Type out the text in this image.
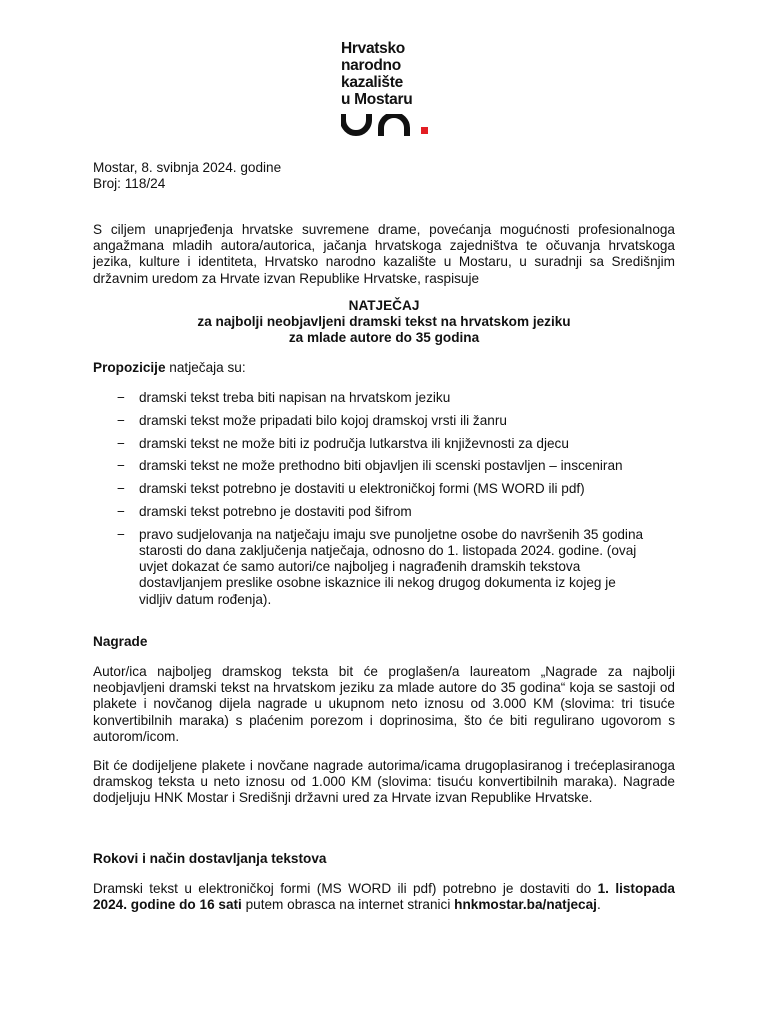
Hrvatsko
narodno
kazalište
u Mostaru

Mostar, 8. svibnja 2024. godine

Broj: 118/24

S ciljem unaprjeđenja hrvatske suvremene drame, povećanja mogućnosti profesionalnoga angažmana mladih autora/autorica, jačanja hrvatskoga zajedništva te očuvanja hrvatskoga jezika, kulture i identiteta, Hrvatsko narodno kazalište u Mostaru, u suradnji sa Središnjim državnim uredom za Hrvate izvan Republike Hrvatske, raspisuje

NATJEČAJ

za najbolji neobjavljeni dramski tekst na hrvatskom jeziku

za mlade autore do 35 godina

Propozicije natječaja su:
− dramski tekst treba biti napisan na hrvatskom jeziku
− dramski tekst može pripadati bilo kojoj dramskoj vrsti ili žanru
− dramski tekst ne može biti iz područja lutkarstva ili književnosti za djecu
− dramski tekst ne može prethodno biti objavljen ili scenski postavljen – insceniran
− dramski tekst potrebno je dostaviti u elektroničkoj formi (MS WORD ili pdf)
− dramski tekst potrebno je dostaviti pod šifrom
− pravo sudjelovanja na natječaju imaju sve punoljetne osobe do navršenih 35 godina starosti do dana zaključenja natječaja, odnosno do 1. listopada 2024. godine. (ovaj uvjet dokazat će samo autori/ce najboljeg i nagrađenih dramskih tekstova dostavljanjem preslike osobne iskaznice ili nekog drugog dokumenta iz kojeg je vidljiv datum rođenja).

Nagrade

Autor/ica najboljeg dramskog teksta bit će proglašen/a laureatom „Nagrade za najbolji neobjavljeni dramski tekst na hrvatskom jeziku za mlade autore do 35 godina“ koja se sastoji od plakete i novčanog dijela nagrade u ukupnom neto iznosu od 3.000 KM (slovima: tri tisuće konvertibilnih maraka) s plaćenim porezom i doprinosima, što će biti regulirano ugovorom s autorom/icom.
Bit će dodijeljene plakete i novčane nagrade autorima/icama drugoplasiranog i trećeplasiranoga dramskog teksta u neto iznosu od 1.000 KM (slovima: tisuću konvertibilnih maraka). Nagrade dodjeljuju HNK Mostar i Središnji državni ured za Hrvate izvan Republike Hrvatske.

Rokovi i način dostavljanja tekstova

Dramski tekst u elektroničkoj formi (MS WORD ili pdf) potrebno je dostaviti do 1. listopada 2024. godine do 16 sati putem obrasca na internet stranici hnkmostar.ba/natjecaj.
